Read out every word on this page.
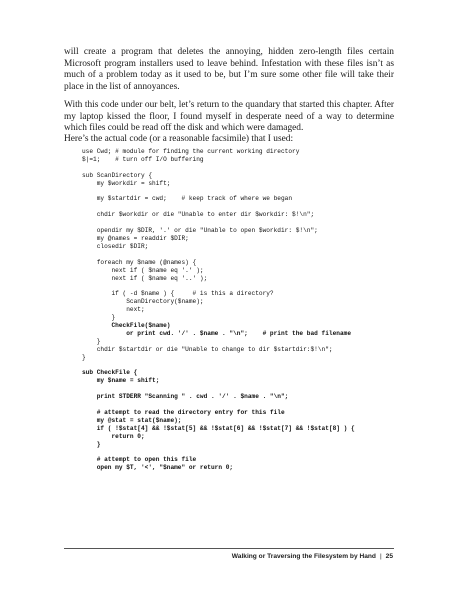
will create a program that deletes the annoying, hidden zero-length files certain Microsoft program installers used to leave behind. Infestation with these files isn’t as much of a problem today as it used to be, but I’m sure some other file will take their place in the list of annoyances.

With this code under our belt, let’s return to the quandary that started this chapter. After my laptop kissed the floor, I found myself in desperate need of a way to determine which files could be read off the disk and which were damaged.

Here’s the actual code (or a reasonable facsimile) that I used:

use Cwd; # module for finding the current working directory
$|=1;    # turn off I/O buffering

sub ScanDirectory {
my $workdir = shift;

my $startdir = cwd;    # keep track of where we began

chdir $workdir or die "Unable to enter dir $workdir: $!\n";

opendir my $DIR, '.' or die "Unable to open $workdir: $!\n";
my @names = readdir $DIR;
closedir $DIR;

foreach my $name (@names) {
next if ( $name eq '.' );
next if ( $name eq '..' );

if ( -d $name ) {     # is this a directory?
ScanDirectory($name);
next;
}
CheckFile($name)
or print cwd. '/' . $name . "\n";    # print the bad filename
}
chdir $startdir or die "Unable to change to dir $startdir:$!\n";
}

sub CheckFile {
my $name = shift;

print STDERR "Scanning " . cwd . '/' . $name . "\n";

# attempt to read the directory entry for this file
my @stat = stat($name);
if ( !$stat[4] && !$stat[5] && !$stat[6] && !$stat[7] && !$stat[8] ) {
return 0;
}

# attempt to open this file
open my $T, '<', "$name" or return 0;

Walking or Traversing the Filesystem by Hand | 25
